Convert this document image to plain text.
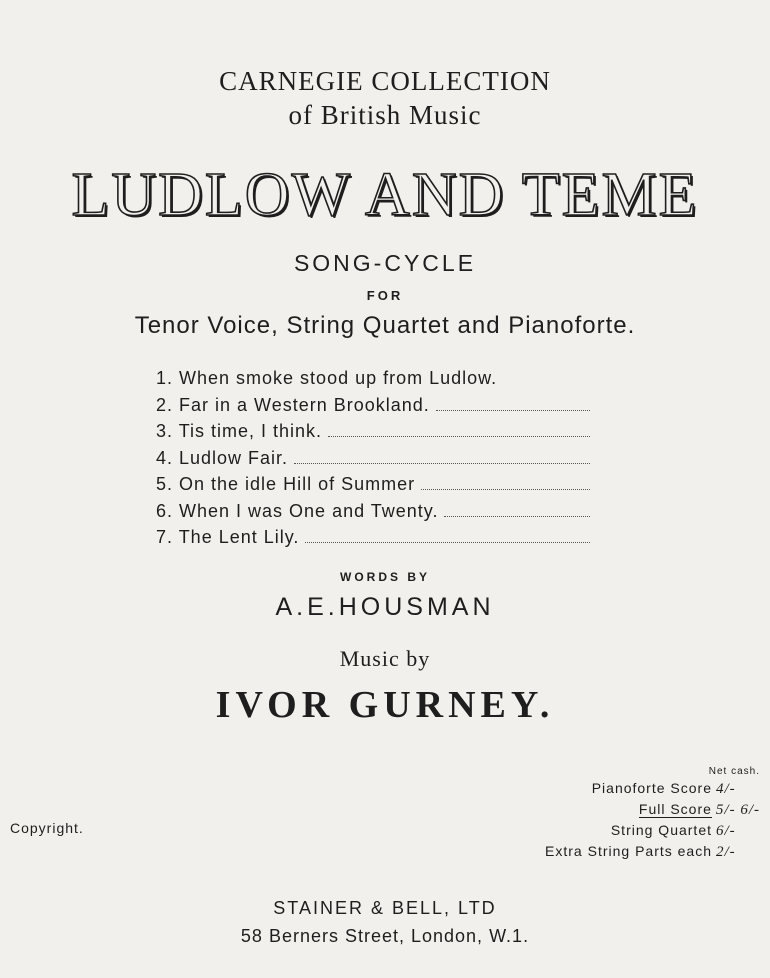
CARNEGIE COLLECTION
of British Music
LUDLOW AND TEME
SONG-CYCLE
FOR
Tenor Voice, String Quartet and Pianoforte.
1. When smoke stood up from Ludlow.
2. Far in a Western Brookland.
3. Tis time, I think.
4. Ludlow Fair.
5. On the idle Hill of Summer
6. When I was One and Twenty.
7. The Lent Lily.
WORDS BY
A.E.HOUSMAN
Music by
IVOR GURNEY.
Copyright.
Net cash.
Pianoforte Score 4/-
Full Score 5/- 6/-
String Quartet 6/-
Extra String Parts each 2/-
STAINER & BELL, LTD
58 Berners Street, London, W.1.
